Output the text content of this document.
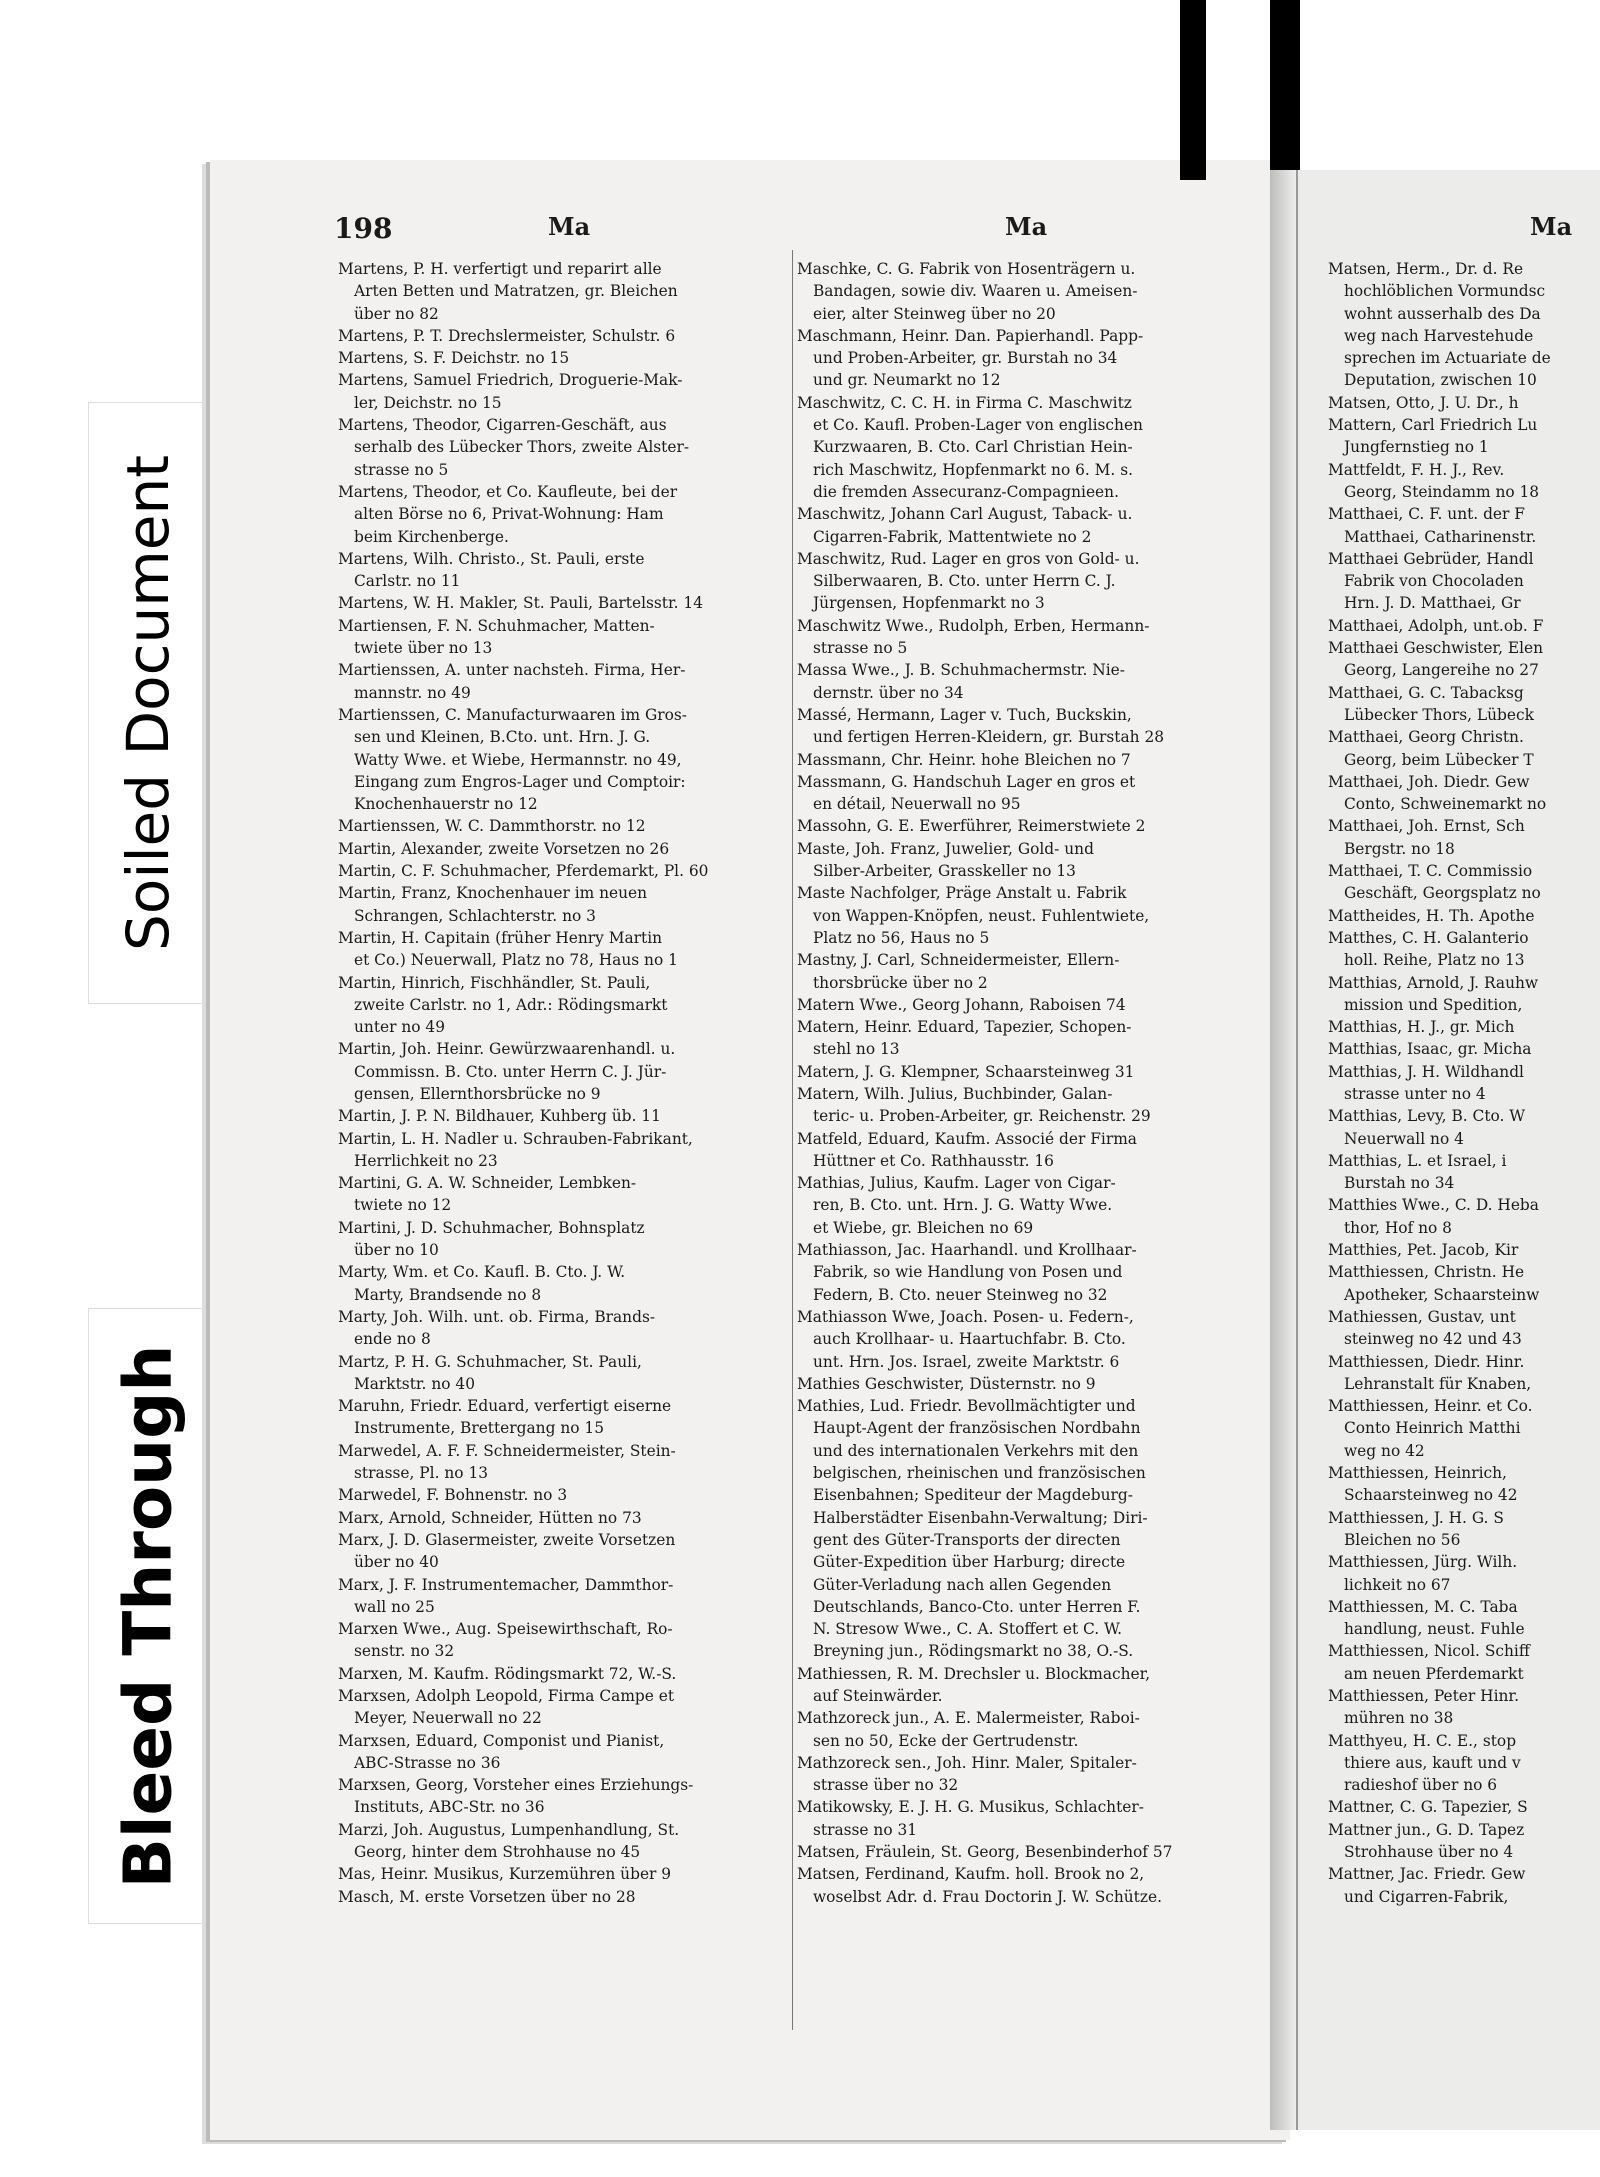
Soiled Document
Bleed Through
198	Ma	Ma	Ma
Martens, P. H. verfertigt und reparirt alle
Arten Betten und Matratzen, gr. Bleichen
über no 82
Martens, P. T. Drechslermeister, Schulstr. 6
Martens, S. F. Deichstr. no 15
Martens, Samuel Friedrich, Droguerie-Mak-
ler, Deichstr. no 15
Martens, Theodor, Cigarren-Geschäft, aus
serhalb des Lübecker Thors, zweite Alster-
strasse no 5
Martens, Theodor, et Co. Kaufleute, bei der
alten Börse no 6, Privat-Wohnung: Ham
beim Kirchenberge.
Martens, Wilh. Christo., St. Pauli, erste
Carlstr. no 11
Martens, W. H. Makler, St. Pauli, Bartelsstr. 14
Martiensen, F. N. Schuhmacher, Matten-
twiete über no 13
Martienssen, A. unter nachsteh. Firma, Her-
mannstr. no 49
Martienssen, C. Manufacturwaaren im Gros-
sen und Kleinen, B.Cto. unt. Hrn. J. G.
Watty Wwe. et Wiebe, Hermannstr. no 49,
Eingang zum Engros-Lager und Comptoir:
Knochenhauerstr no 12
Martienssen, W. C. Dammthorstr. no 12
Martin, Alexander, zweite Vorsetzen no 26
Martin, C. F. Schuhmacher, Pferdemarkt, Pl. 60
Martin, Franz, Knochenhauer im neuen
Schrangen, Schlachterstr. no 3
Martin, H. Capitain (früher Henry Martin
et Co.) Neuerwall, Platz no 78, Haus no 1
Martin, Hinrich, Fischhändler, St. Pauli,
zweite Carlstr. no 1, Adr.: Rödingsmarkt
unter no 49
Martin, Joh. Heinr. Gewürzwaarenhandl. u.
Commissn. B. Cto. unter Herrn C. J. Jür-
gensen, Ellernthorsbrücke no 9
Martin, J. P. N. Bildhauer, Kuhberg üb. 11
Martin, L. H. Nadler u. Schrauben-Fabrikant,
Herrlichkeit no 23
Martini, G. A. W. Schneider, Lembken-
twiete no 12
Martini, J. D. Schuhmacher, Bohnsplatz
über no 10
Marty, Wm. et Co. Kaufl. B. Cto. J. W.
Marty, Brandsende no 8
Marty, Joh. Wilh. unt. ob. Firma, Brands-
ende no 8
Martz, P. H. G. Schuhmacher, St. Pauli,
Marktstr. no 40
Maruhn, Friedr. Eduard, verfertigt eiserne
Instrumente, Brettergang no 15
Marwedel, A. F. F. Schneidermeister, Stein-
strasse, Pl. no 13
Marwedel, F. Bohnenstr. no 3
Marx, Arnold, Schneider, Hütten no 73
Marx, J. D. Glasermeister, zweite Vorsetzen
über no 40
Marx, J. F. Instrumentemacher, Dammthor-
wall no 25
Marxen Wwe., Aug. Speisewirthschaft, Ro-
senstr. no 32
Marxen, M. Kaufm. Rödingsmarkt 72, W.-S.
Marxsen, Adolph Leopold, Firma Campe et
Meyer, Neuerwall no 22
Marxsen, Eduard, Componist und Pianist,
ABC-Strasse no 36
Marxsen, Georg, Vorsteher eines Erziehungs-
Instituts, ABC-Str. no 36
Marzi, Joh. Augustus, Lumpenhandlung, St.
Georg, hinter dem Strohhause no 45
Mas, Heinr. Musikus, Kurzemühren über 9
Masch, M. erste Vorsetzen über no 28
Maschke, C. G. Fabrik von Hosenträgern u.
Bandagen, sowie div. Waaren u. Ameisen-
eier, alter Steinweg über no 20
Maschmann, Heinr. Dan. Papierhandl. Papp-
und Proben-Arbeiter, gr. Burstah no 34
und gr. Neumarkt no 12
Maschwitz, C. C. H. in Firma C. Maschwitz
et Co. Kaufl. Proben-Lager von englischen
Kurzwaaren, B. Cto. Carl Christian Hein-
rich Maschwitz, Hopfenmarkt no 6. M. s.
die fremden Assecuranz-Compagnieen.
Maschwitz, Johann Carl August, Taback- u.
Cigarren-Fabrik, Mattentwiete no 2
Maschwitz, Rud. Lager en gros von Gold- u.
Silberwaaren, B. Cto. unter Herrn C. J.
Jürgensen, Hopfenmarkt no 3
Maschwitz Wwe., Rudolph, Erben, Hermann-
strasse no 5
Massa Wwe., J. B. Schuhmachermstr. Nie-
dernstr. über no 34
Massé, Hermann, Lager v. Tuch, Buckskin,
und fertigen Herren-Kleidern, gr. Burstah 28
Massmann, Chr. Heinr. hohe Bleichen no 7
Massmann, G. Handschuh Lager en gros et
en détail, Neuerwall no 95
Massohn, G. E. Ewerführer, Reimerstwiete 2
Maste, Joh. Franz, Juwelier, Gold- und
Silber-Arbeiter, Grasskeller no 13
Maste Nachfolger, Präge Anstalt u. Fabrik
von Wappen-Knöpfen, neust. Fuhlentwiete,
Platz no 56, Haus no 5
Mastny, J. Carl, Schneidermeister, Ellern-
thorsbrücke über no 2
Matern Wwe., Georg Johann, Raboisen 74
Matern, Heinr. Eduard, Tapezier, Schopen-
stehl no 13
Matern, J. G. Klempner, Schaarsteinweg 31
Matern, Wilh. Julius, Buchbinder, Galan-
teric- u. Proben-Arbeiter, gr. Reichenstr. 29
Matfeld, Eduard, Kaufm. Associé der Firma
Hüttner et Co. Rathhausstr. 16
Mathias, Julius, Kaufm. Lager von Cigar-
ren, B. Cto. unt. Hrn. J. G. Watty Wwe.
et Wiebe, gr. Bleichen no 69
Mathiasson, Jac. Haarhandl. und Krollhaar-
Fabrik, so wie Handlung von Posen und
Federn, B. Cto. neuer Steinweg no 32
Mathiasson Wwe, Joach. Posen- u. Federn-,
auch Krollhaar- u. Haartuchfabr. B. Cto.
unt. Hrn. Jos. Israel, zweite Marktstr. 6
Mathies Geschwister, Düsternstr. no 9
Mathies, Lud. Friedr. Bevollmächtigter und
Haupt-Agent der französischen Nordbahn
und des internationalen Verkehrs mit den
belgischen, rheinischen und französischen
Eisenbahnen; Spediteur der Magdeburg-
Halberstädter Eisenbahn-Verwaltung; Diri-
gent des Güter-Transports der directen
Güter-Expedition über Harburg; directe
Güter-Verladung nach allen Gegenden
Deutschlands, Banco-Cto. unter Herren F.
N. Stresow Wwe., C. A. Stoffert et C. W.
Breyning jun., Rödingsmarkt no 38, O.-S.
Mathiessen, R. M. Drechsler u. Blockmacher,
auf Steinwärder.
Mathzoreck jun., A. E. Malermeister, Raboi-
sen no 50, Ecke der Gertrudenstr.
Mathzoreck sen., Joh. Hinr. Maler, Spitaler-
strasse über no 32
Matikowsky, E. J. H. G. Musikus, Schlachter-
strasse no 31
Matsen, Fräulein, St. Georg, Besenbinderhof 57
Matsen, Ferdinand, Kaufm. holl. Brook no 2,
woselbst Adr. d. Frau Doctorin J. W. Schütze.
Matsen, Herm., Dr. d. Re
hochlöblichen Vormundsc
wohnt ausserhalb des Da
weg nach Harvestehude
sprechen im Actuariate de
Deputation, zwischen 10
Matsen, Otto, J. U. Dr., h
Mattern, Carl Friedrich Lu
Jungfernstieg no 1
Mattfeldt, F. H. J., Rev.
Georg, Steindamm no 18
Matthaei, C. F. unt. der F
Matthaei, Catharinenstr.
Matthaei Gebrüder, Handl
Fabrik von Chocoladen
Hrn. J. D. Matthaei, Gr
Matthaei, Adolph, unt.ob. F
Matthaei Geschwister, Elen
Georg, Langereihe no 27
Matthaei, G. C. Tabacksg
Lübecker Thors, Lübeck
Matthaei, Georg Christn.
Georg, beim Lübecker T
Matthaei, Joh. Diedr. Gew
Conto, Schweinemarkt no
Matthaei, Joh. Ernst, Sch
Bergstr. no 18
Matthaei, T. C. Commissio
Geschäft, Georgsplatz no
Mattheides, H. Th. Apothe
Matthes, C. H. Galanterio
holl. Reihe, Platz no 13
Matthias, Arnold, J. Rauhw
mission und Spedition,
Matthias, H. J., gr. Mich
Matthias, Isaac, gr. Micha
Matthias, J. H. Wildhandl
strasse unter no 4
Matthias, Levy, B. Cto. W
Neuerwall no 4
Matthias, L. et Israel, i
Burstah no 34
Matthies Wwe., C. D. Heba
thor, Hof no 8
Matthies, Pet. Jacob, Kir
Matthiessen, Christn. He
Apotheker, Schaarsteinw
Mathiessen, Gustav, unt
steinweg no 42 und 43
Matthiessen, Diedr. Hinr.
Lehranstalt für Knaben,
Matthiessen, Heinr. et Co.
Conto Heinrich Matthi
weg no 42
Matthiessen, Heinrich,
Schaarsteinweg no 42
Matthiessen, J. H. G. S
Bleichen no 56
Matthiessen, Jürg. Wilh.
lichkeit no 67
Matthiessen, M. C. Taba
handlung, neust. Fuhle
Matthiessen, Nicol. Schiff
am neuen Pferdemarkt
Matthiessen, Peter Hinr.
mühren no 38
Matthyeu, H. C. E., stop
thiere aus, kauft und v
radieshof über no 6
Mattner, C. G. Tapezier, S
Mattner jun., G. D. Tapez
Strohhause über no 4
Mattner, Jac. Friedr. Gew
und Cigarren-Fabrik,
